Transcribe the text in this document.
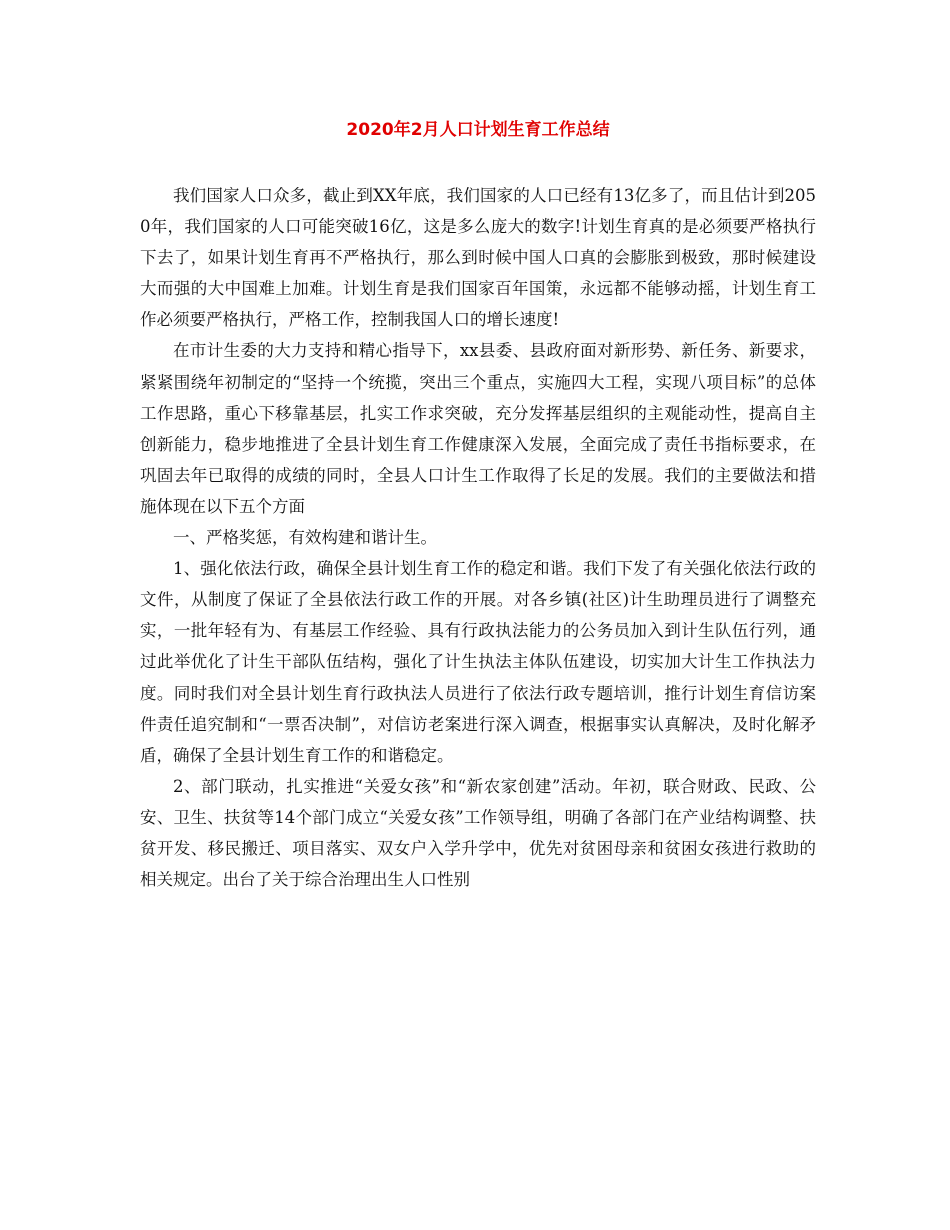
2020年2月人口计划生育工作总结

我们国家人口众多，截止到XX年底，我们国家的人口已经有13亿多了，而且估计到2050年，我们国家的人口可能突破16亿，这是多么庞大的数字!计划生育真的是必须要严格执行下去了，如果计划生育再不严格执行，那么到时候中国人口真的会膨胀到极致，那时候建设大而强的大中国难上加难。计划生育是我们国家百年国策，永远都不能够动摇，计划生育工作必须要严格执行，严格工作，控制我国人口的增长速度!

在市计生委的大力支持和精心指导下，xx县委、县政府面对新形势、新任务、新要求，紧紧围绕年初制定的“坚持一个统揽，突出三个重点，实施四大工程，实现八项目标”的总体工作思路，重心下移靠基层，扎实工作求突破，充分发挥基层组织的主观能动性，提高自主创新能力，稳步地推进了全县计划生育工作健康深入发展，全面完成了责任书指标要求，在巩固去年已取得的成绩的同时，全县人口计生工作取得了长足的发展。我们的主要做法和措施体现在以下五个方面

一、严格奖惩，有效构建和谐计生。

1、强化依法行政，确保全县计划生育工作的稳定和谐。我们下发了有关强化依法行政的文件，从制度了保证了全县依法行政工作的开展。对各乡镇(社区)计生助理员进行了调整充实，一批年轻有为、有基层工作经验、具有行政执法能力的公务员加入到计生队伍行列，通过此举优化了计生干部队伍结构，强化了计生执法主体队伍建设，切实加大计生工作执法力度。同时我们对全县计划生育行政执法人员进行了依法行政专题培训，推行计划生育信访案件责任追究制和“一票否决制”，对信访老案进行深入调查，根据事实认真解决，及时化解矛盾，确保了全县计划生育工作的和谐稳定。

2、部门联动，扎实推进“关爱女孩”和“新农家创建”活动。年初，联合财政、民政、公安、卫生、扶贫等14个部门成立“关爱女孩”工作领导组，明确了各部门在产业结构调整、扶贫开发、移民搬迁、项目落实、双女户入学升学中，优先对贫困母亲和贫困女孩进行救助的相关规定。出台了关于综合治理出生人口性别
